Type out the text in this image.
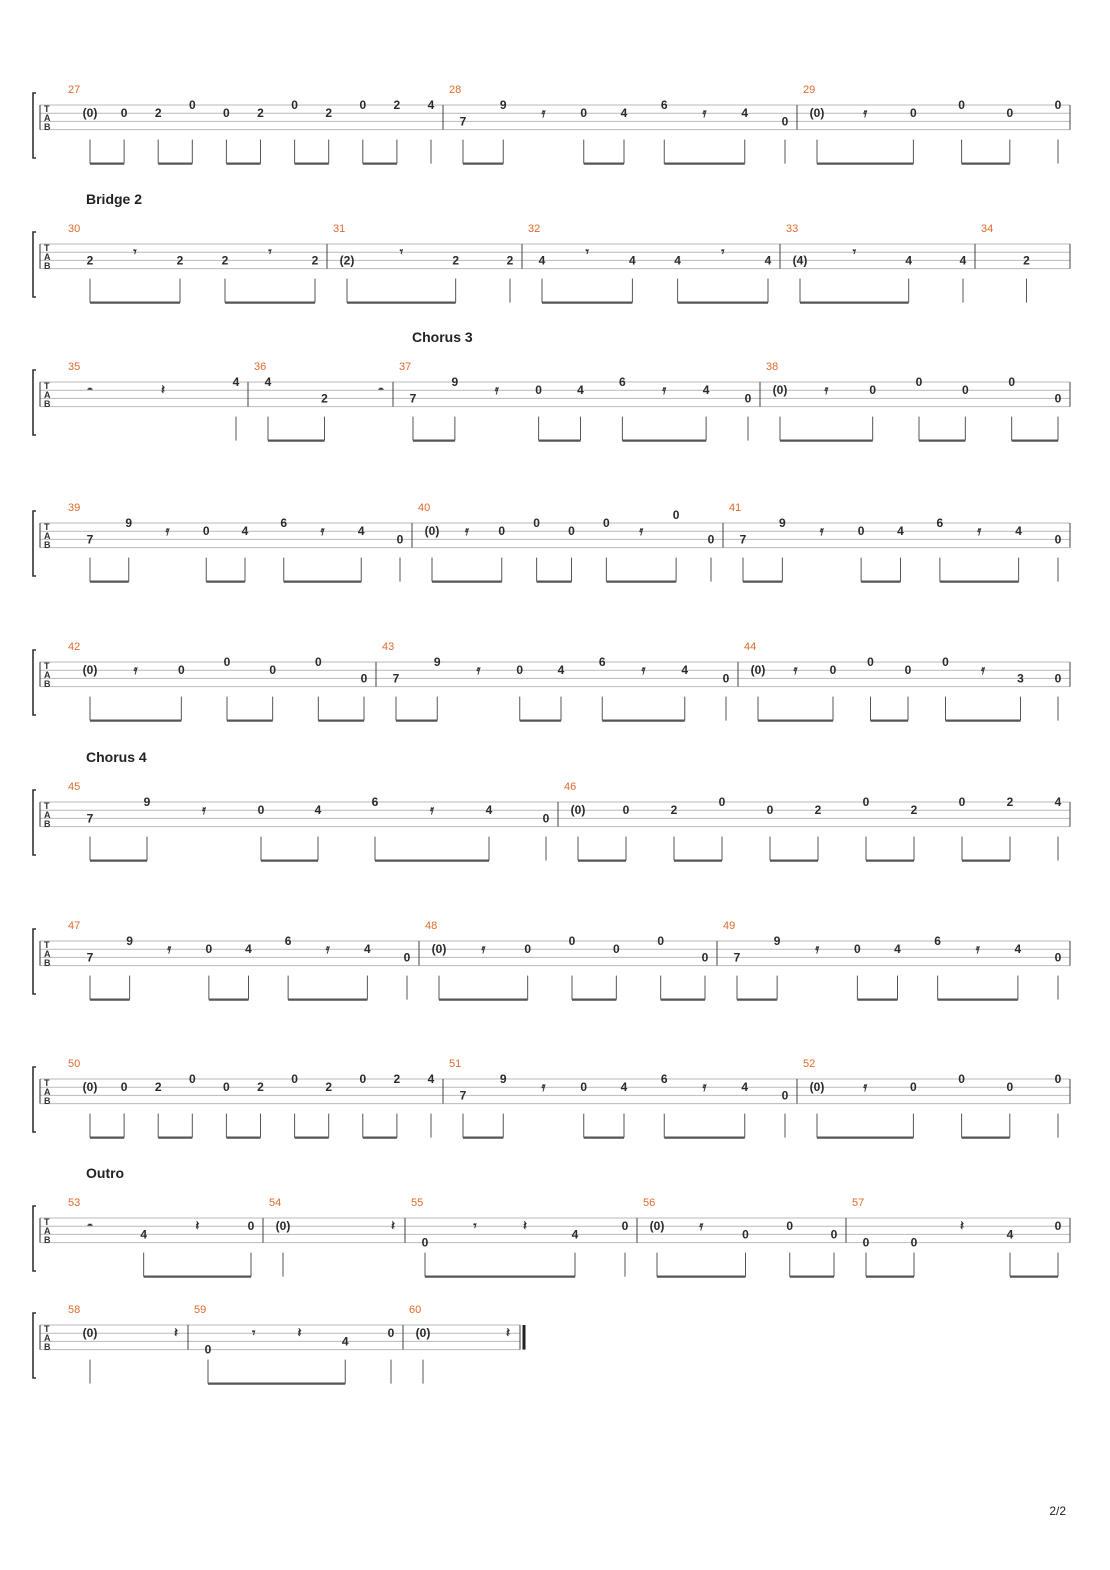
T
A
B
27
(0) 0 2
0
0 2
0
2
0 2 4
28
7
9
𝄿	0	4
6
𝄿	4
0
29
(0)	𝄿	0
0
0
0
T
A
B
Bridge 2
30
2
𝄾
2	2
𝄾
2
31
(2)
𝄾
2	2
32
4
𝄾
4	4
𝄾
4
33
(4)
𝄾
4	4
34
2
T
A
B
Chorus 3
35
𝄼	𝄽
4
36
4
2
𝄼
37
7
9
𝄿	0	4
6
𝄿	4
0
38
(0)	𝄿	0
0
0
0
0
T
A
B
39
7
9
𝄿	0	4
6
𝄿	4
0
40
(0) 𝄿 0
0
0
0
𝄿
0
0
41
7
9
𝄿	0	4
6
𝄿	4
0
T
A
B
42
(0)	𝄿	0
0
0
0
0
43
7
9
𝄿	0	4
6
𝄿	4
0
44
(0) 𝄿	0
0
0
0
𝄿
3	0
T
A
B
Chorus 4
45
7
9
𝄿	0	4
6
𝄿	4
0
46
(0)	0	2
0
0	2
0
2
0	2	4
T
A
B
47
7
9
𝄿	0	4
6
𝄿	4
0
48
(0)	𝄿	0
0
0
0
0
49
7
9
𝄿	0	4
6
𝄿	4
0
T
A
B
50
(0) 0 2
0
0 2
0
2
0 2 4
51
7
9
𝄿	0	4
6
𝄿	4
0
52
(0)	𝄿	0
0
0
0
T
A
B
Outro
53
𝄼
4
𝄽	0
54
(0)	𝄽
55
0
𝄾	𝄽
4
0
56
(0)	𝄿
0
0
0
57
0	0
𝄽
4
0
T
A
B
58
(0)	𝄽
59
0
𝄾	𝄽
4
0
60
(0)	𝄽
2/2
